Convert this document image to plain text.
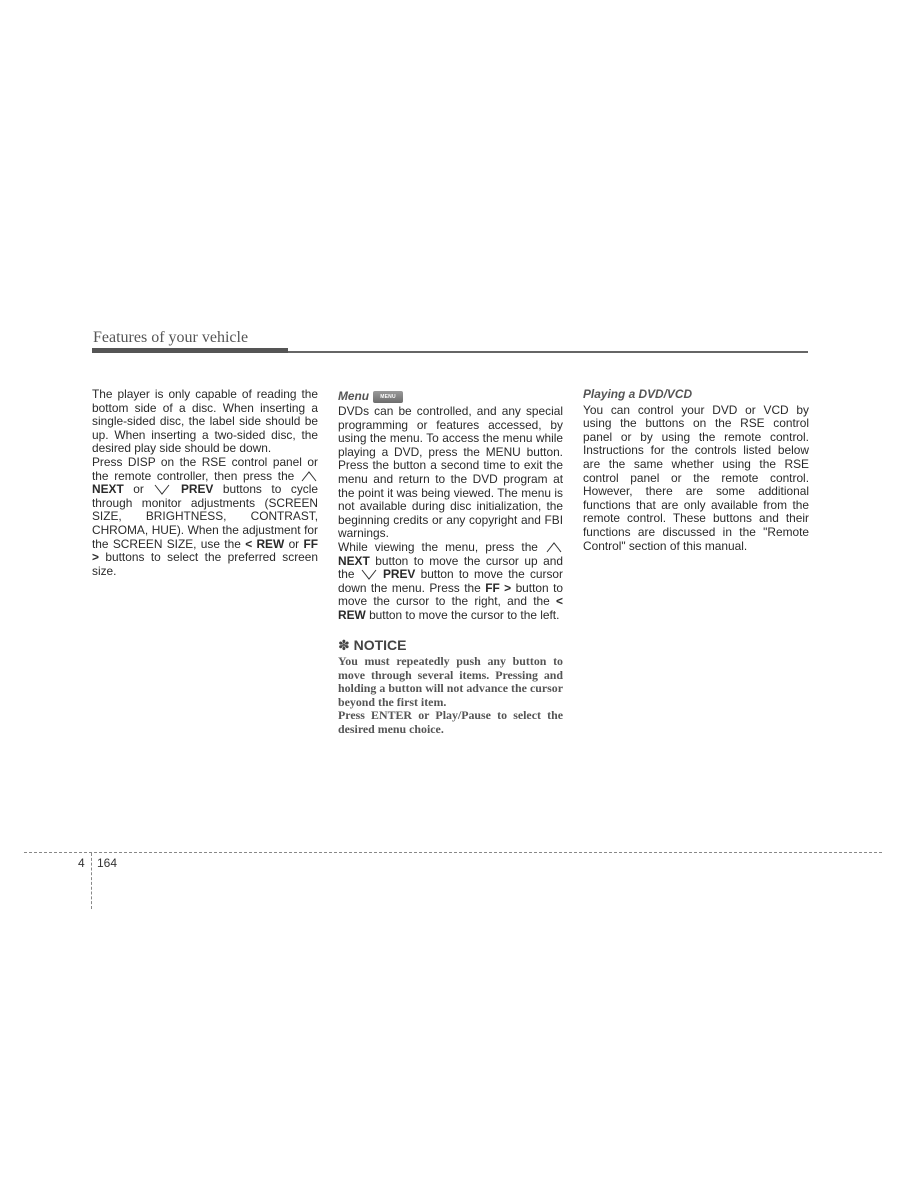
Features of your vehicle

The player is only capable of reading the bottom side of a disc. When inserting a single-sided disc, the label side should be up. When inserting a two-sided disc, the desired play side should be down.

Press DISP on the RSE control panel or the remote controller, then press the  NEXT or	PREV buttons to cycle through monitor adjustments (SCREEN SIZE, BRIGHTNESS, CONTRAST, CHROMA, HUE). When the adjustment for the SCREEN SIZE, use the < REW or FF > buttons to select the preferred screen size.

Menu	MENU

DVDs can be controlled, and any special programming or features accessed, by using the menu. To access the menu while playing a DVD, press the MENU button. Press the button a second time to exit the menu and return to the DVD program at the point it was being viewed. The menu is not available during disc initialization, the beginning credits or any copyright and FBI warnings.

While viewing the menu, press the  NEXT button to move the cursor up and the PREV button to move the cursor down the menu. Press the FF > button to move the cursor to the right, and the < REW button to move the cursor to the left.

✽ NOTICE

You must repeatedly push any button to move through several items. Pressing and holding a button will not advance the cursor beyond the first item.

Press ENTER or Play/Pause to select the desired menu choice.

Playing a DVD/VCD

You can control your DVD or VCD by using the buttons on the RSE control panel or by using the remote control. Instructions for the controls listed below are the same whether using the RSE control panel or the remote control. However, there are some additional functions that are only available from the remote control. These buttons and their functions are discussed in the "Remote Control" section of this manual.

4 164
